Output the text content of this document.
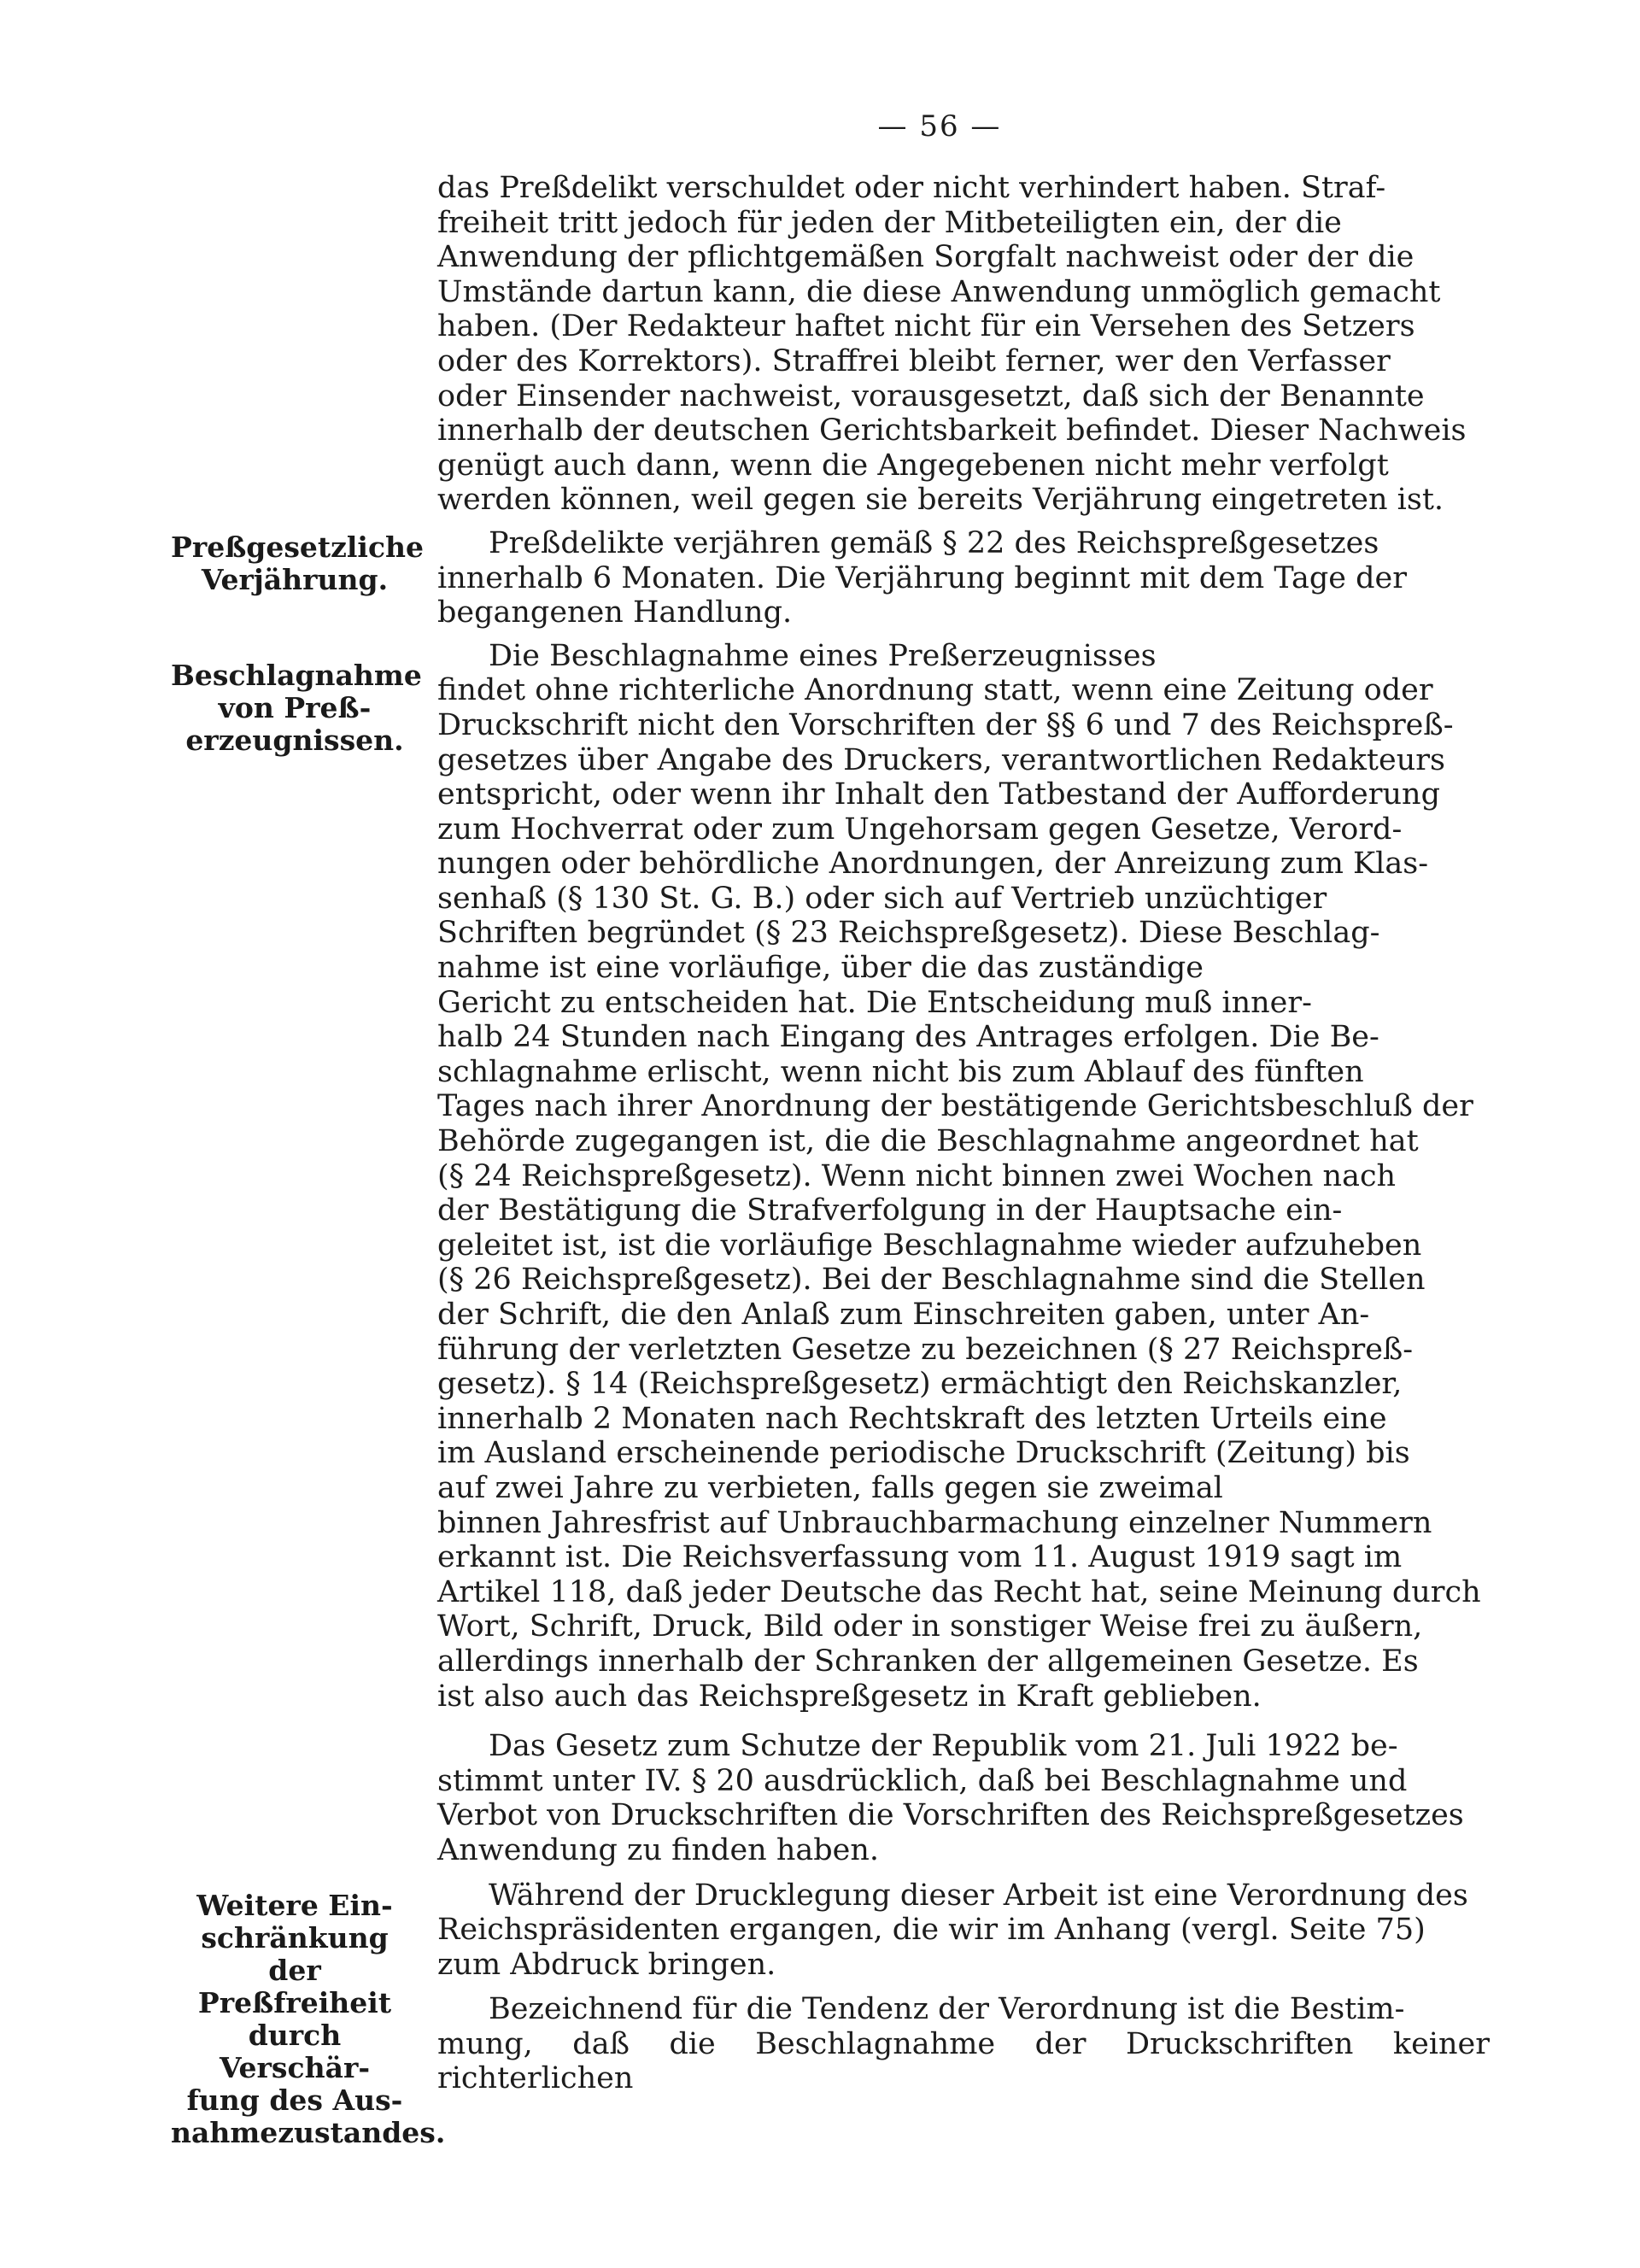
— 56 —
das Preßdelikt verschuldet oder nicht verhindert haben. Straf-
freiheit tritt jedoch für jeden der Mitbeteiligten ein, der die
Anwendung der pflichtgemäßen Sorgfalt nachweist oder der die
Umstände dartun kann, die diese Anwendung unmöglich gemacht
haben. (Der Redakteur haftet nicht für ein Versehen des Setzers
oder des Korrektors). Straffrei bleibt ferner, wer den Verfasser
oder Einsender nachweist, vorausgesetzt, daß sich der Benannte
innerhalb der deutschen Gerichtsbarkeit befindet. Dieser Nachweis
genügt auch dann, wenn die Angegebenen nicht mehr verfolgt
werden können, weil gegen sie bereits Verjährung eingetreten ist.
Preßdelikte verjähren gemäß § 22 des Reichspreßgesetzes
innerhalb 6 Monaten. Die Verjährung beginnt mit dem Tage der
begangenen Handlung.
Die Beschlagnahme eines Preßerzeugnisses
findet ohne richterliche Anordnung statt, wenn eine Zeitung oder
Druckschrift nicht den Vorschriften der §§ 6 und 7 des Reichspreß-
gesetzes über Angabe des Druckers, verantwortlichen Redakteurs
entspricht, oder wenn ihr Inhalt den Tatbestand der Aufforderung
zum Hochverrat oder zum Ungehorsam gegen Gesetze, Verord-
nungen oder behördliche Anordnungen, der Anreizung zum Klas-
senhaß (§ 130 St. G. B.) oder sich auf Vertrieb unzüchtiger
Schriften begründet (§ 23 Reichspreßgesetz). Diese Beschlag-
nahme ist eine vorläufige, über die das zuständige
Gericht zu entscheiden hat. Die Entscheidung muß inner-
halb 24 Stunden nach Eingang des Antrages erfolgen. Die Be-
schlagnahme erlischt, wenn nicht bis zum Ablauf des fünften
Tages nach ihrer Anordnung der bestätigende Gerichtsbeschluß der
Behörde zugegangen ist, die die Beschlagnahme angeordnet hat
(§ 24 Reichspreßgesetz). Wenn nicht binnen zwei Wochen nach
der Bestätigung die Strafverfolgung in der Hauptsache ein-
geleitet ist, ist die vorläufige Beschlagnahme wieder aufzuheben
(§ 26 Reichspreßgesetz). Bei der Beschlagnahme sind die Stellen
der Schrift, die den Anlaß zum Einschreiten gaben, unter An-
führung der verletzten Gesetze zu bezeichnen (§ 27 Reichspreß-
gesetz). § 14 (Reichspreßgesetz) ermächtigt den Reichskanzler,
innerhalb 2 Monaten nach Rechtskraft des letzten Urteils eine
im Ausland erscheinende periodische Druckschrift (Zeitung) bis
auf zwei Jahre zu verbieten, falls gegen sie zweimal
binnen Jahresfrist auf Unbrauchbarmachung einzelner Nummern
erkannt ist. Die Reichsverfassung vom 11. August 1919 sagt im
Artikel 118, daß jeder Deutsche das Recht hat, seine Meinung durch
Wort, Schrift, Druck, Bild oder in sonstiger Weise frei zu äußern,
allerdings innerhalb der Schranken der allgemeinen Gesetze. Es
ist also auch das Reichspreßgesetz in Kraft geblieben.
Das Gesetz zum Schutze der Republik vom 21. Juli 1922 be-
stimmt unter IV. § 20 ausdrücklich, daß bei Beschlagnahme und
Verbot von Druckschriften die Vorschriften des Reichspreßgesetzes
Anwendung zu finden haben.
Während der Drucklegung dieser Arbeit ist eine Verordnung des
Reichspräsidenten ergangen, die wir im Anhang (vergl. Seite 75)
zum Abdruck bringen.
Bezeichnend für die Tendenz der Verordnung ist die Bestim-
mung, daß die Beschlagnahme der Druckschriften keiner richterlichen
Preßgesetzliche
Verjährung.
Beschlagnahme
von Preß-
erzeugnissen.
Weitere Ein-
schränkung der
Preßfreiheit
durch Verschär-
fung des Aus-
nahmezustandes.
